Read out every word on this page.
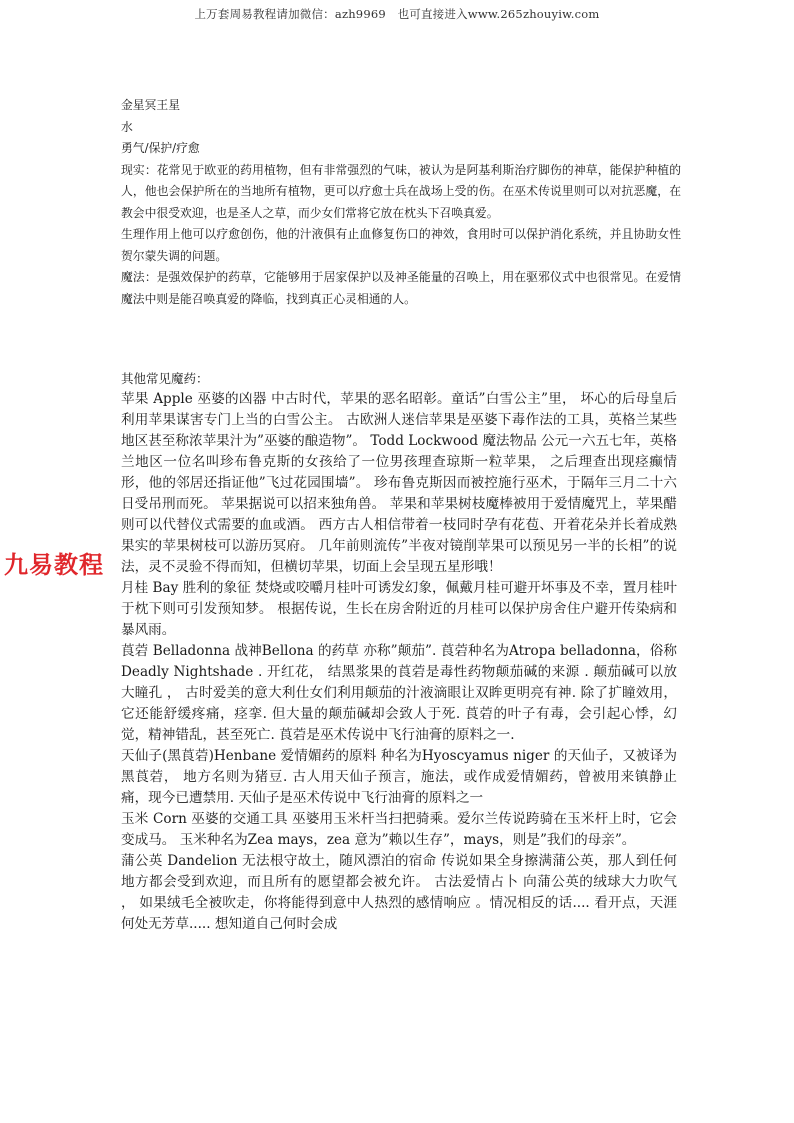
上万套周易教程请加微信：azh9969　也可直接进入www.265zhouyiw.com
九易教程

金星冥王星

水

勇气/保护/疗愈

现实：花常见于欧亚的药用植物，但有非常强烈的气味，被认为是阿基利斯治疗脚伤的神草，能保护种植的人，他也会保护所在的当地所有植物，更可以疗愈士兵在战场上受的伤。在巫术传说里则可以对抗恶魔，在教会中很受欢迎，也是圣人之草，而少女们常将它放在枕头下召唤真爱。

生理作用上他可以疗愈创伤，他的汁液俱有止血修复伤口的神效，食用时可以保护消化系统，并且协助女性贺尔蒙失调的问题。

魔法：是强效保护的药草，它能够用于居家保护以及神圣能量的召唤上，用在驱邪仪式中也很常见。在爱情魔法中则是能召唤真爱的降临，找到真正心灵相通的人。

其他常见魔药：

苹果 Apple 巫婆的凶器 中古时代，苹果的恶名昭彰。童话”白雪公主”里， 坏心的后母皇后利用苹果谋害专门上当的白雪公主。 古欧洲人迷信苹果是巫婆下毒作法的工具，英格兰某些地区甚至称浓苹果汁为”巫婆的酿造物”。 Todd Lockwood 魔法物品 公元一六五七年，英格兰地区一位名叫珍布鲁克斯的女孩给了一位男孩理查琼斯一粒苹果， 之后理查出现痉癫情形，他的邻居还指证他”飞过花园围墙”。 珍布鲁克斯因而被控施行巫术，于隔年三月二十六日受吊刑而死。 苹果据说可以招来独角兽。 苹果和苹果树枝魔棒被用于爱情魔咒上，苹果醋则可以代替仪式需要的血或酒。 西方古人相信带着一枝同时孕有花苞、开着花朵并长着成熟果实的苹果树枝可以游历冥府。 几年前则流传”半夜对镜削苹果可以预见另一半的长相”的说法，灵不灵验不得而知，但横切苹果，切面上会呈现五星形哦！

月桂 Bay 胜利的象征 焚烧或咬嚼月桂叶可诱发幻象，佩戴月桂可避开坏事及不幸，置月桂叶于枕下则可引发预知梦。 根据传说，生长在房舍附近的月桂可以保护房舍住户避开传染病和暴风雨。

莨菪 Belladonna 战神Bellona 的药草 亦称”颠茄”. 莨菪种名为Atropa belladonna，俗称Deadly Nightshade . 开红花， 结黑浆果的莨菪是毒性药物颠茄碱的来源 . 颠茄碱可以放大瞳孔 ， 古时爱美的意大利仕女们利用颠茄的汁液滴眼让双眸更明亮有神. 除了扩瞳效用， 它还能舒缓疼痛，痉挛. 但大量的颠茄碱却会致人于死. 莨菪的叶子有毒，会引起心悸，幻觉，精神错乱，甚至死亡. 莨菪是巫术传说中飞行油膏的原料之一.

天仙子(黑莨菪)Henbane 爱情媚药的原料 种名为Hyoscyamus niger 的天仙子，又被译为黑莨菪， 地方名则为猪豆. 古人用天仙子预言，施法，或作成爱情媚药，曾被用来镇静止痛，现今已遭禁用. 天仙子是巫术传说中飞行油膏的原料之一

玉米 Corn 巫婆的交通工具 巫婆用玉米杆当扫把骑乘。爱尔兰传说跨骑在玉米杆上时，它会变成马。 玉米种名为Zea mays，zea 意为”赖以生存”，mays，则是”我们的母亲”。

蒲公英 Dandelion 无法根守故土，随风漂泊的宿命 传说如果全身擦满蒲公英，那人到任何地方都会受到欢迎，而且所有的愿望都会被允许。 古法爱情占卜 向蒲公英的绒球大力吹气 ， 如果绒毛全被吹走，你将能得到意中人热烈的感情响应 。情况相反的话.... 看开点，天涯何处无芳草..... 想知道自己何时会成
